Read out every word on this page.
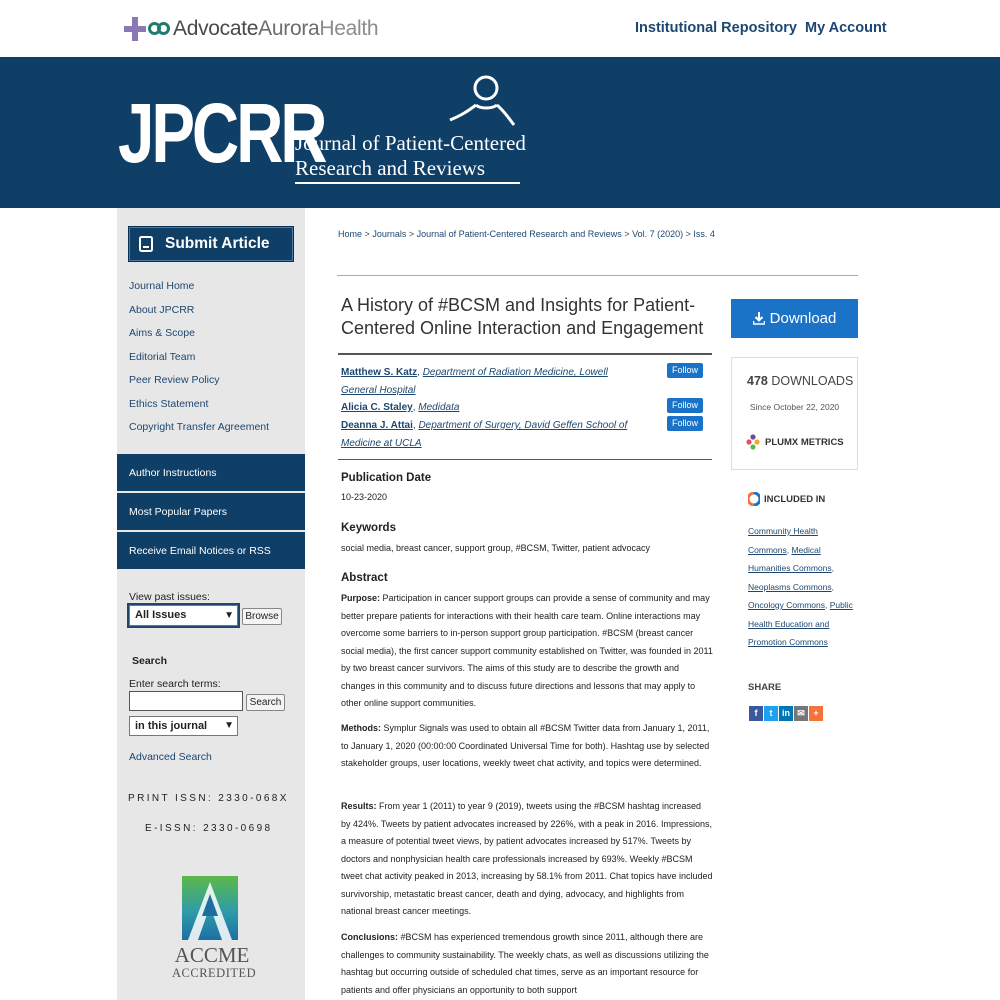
AdvocateAuroraHealth	Institutional Repository My Account
JPCRR
Journal of Patient-Centered
Research and Reviews
Submit Article
Journal Home
About JPCRR
Aims & Scope
Editorial Team
Peer Review Policy
Ethics Statement
Copyright Transfer Agreement
Author Instructions
Most Popular Papers
Receive Email Notices or RSS
View past issues:
All Issues	▼	Browse
Search
Enter search terms:
Search
in this journal ▼
Advanced Search
PRINT ISSN: 2330-068X
E-ISSN: 2330-0698
ACCME
ACCREDITED
Home > Journals > Journal of Patient-Centered Research and Reviews > Vol. 7 (2020) > Iss. 4
A History of #BCSM and Insights for Patient-Centered Online Interaction and Engagement
Matthew S. Katz, Department of Radiation Medicine, Lowell General Hospital
Alicia C. Staley, Medidata
Deanna J. Attai, Department of Surgery, David Geffen School of Medicine at UCLA
Follow
Follow
Follow
Publication Date
10-23-2020
Keywords
social media, breast cancer, support group, #BCSM, Twitter, patient advocacy
Abstract
Purpose: Participation in cancer support groups can provide a sense of community and may better prepare patients for interactions with their health care team. Online interactions may overcome some barriers to in-person support group participation. #BCSM (breast cancer social media), the first cancer support community established on Twitter, was founded in 2011 by two breast cancer survivors. The aims of this study are to describe the growth and changes in this community and to discuss future directions and lessons that may apply to other online support communities.
Methods: Symplur Signals was used to obtain all #BCSM Twitter data from January 1, 2011, to January 1, 2020 (00:00:00 Coordinated Universal Time for both). Hashtag use by selected stakeholder groups, user locations, weekly tweet chat activity, and topics were determined.
Results: From year 1 (2011) to year 9 (2019), tweets using the #BCSM hashtag increased by 424%. Tweets by patient advocates increased by 226%, with a peak in 2016. Impressions, a measure of potential tweet views, by patient advocates increased by 517%. Tweets by doctors and nonphysician health care professionals increased by 693%. Weekly #BCSM tweet chat activity peaked in 2013, increasing by 58.1% from 2011. Chat topics have included survivorship, metastatic breast cancer, death and dying, advocacy, and highlights from national breast cancer meetings.
Conclusions: #BCSM has experienced tremendous growth since 2011, although there are challenges to community sustainability. The weekly chats, as well as discussions utilizing the hashtag but occurring outside of scheduled chat times, serve as an important resource for patients and offer physicians an opportunity to both support
Download
478 DOWNLOADS
Since October 22, 2020
PLUMX METRICS
INCLUDED IN
Community Health
Commons, Medical Humanities Commons, Neoplasms Commons, Oncology Commons, Public Health Education and Promotion Commons
SHARE
f	t	in ✉ +
